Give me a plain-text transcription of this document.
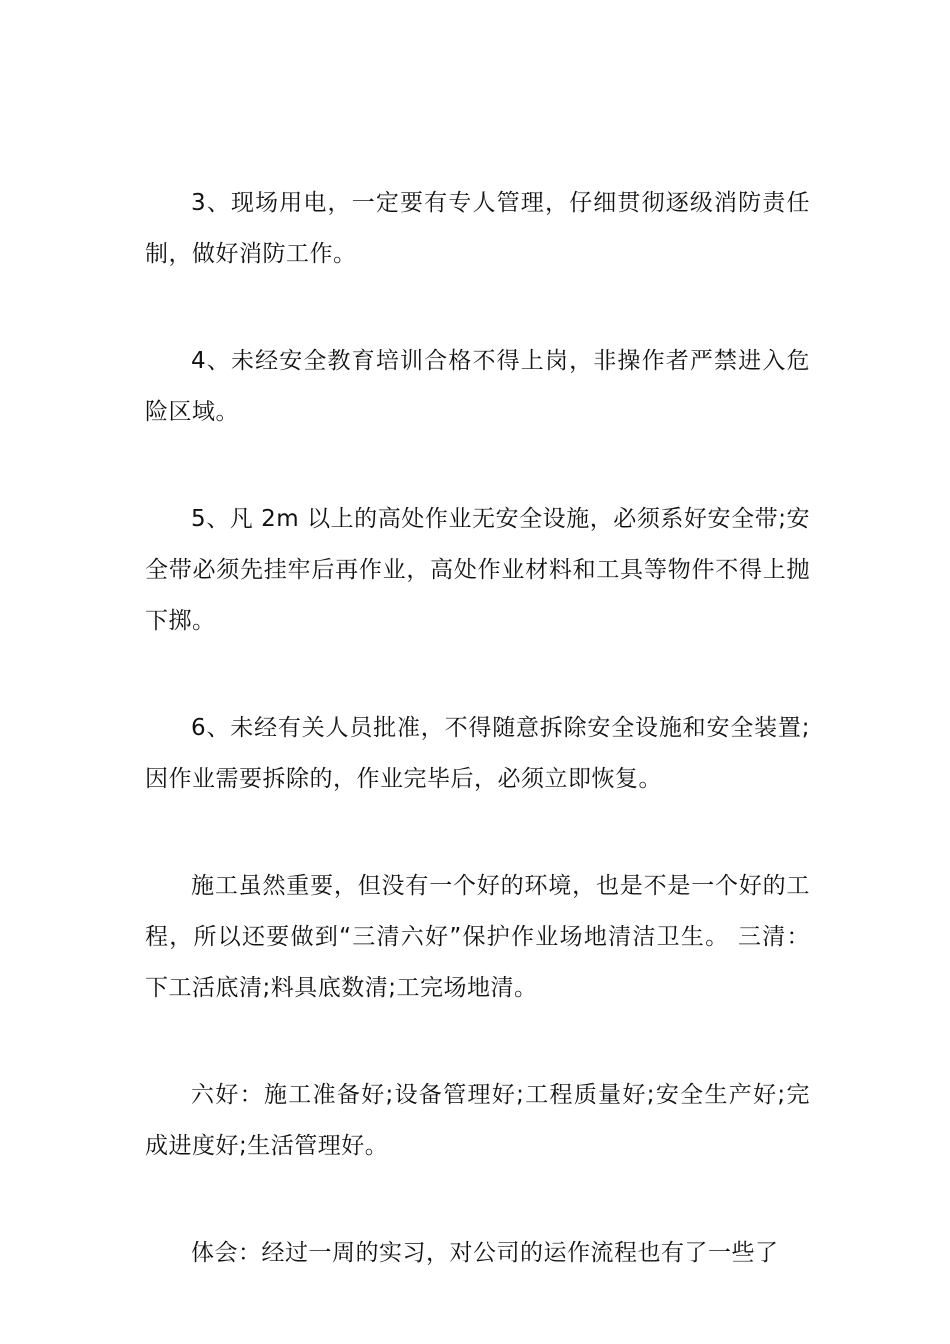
3、现场用电，一定要有专人管理，仔细贯彻逐级消防责任制，做好消防工作。

4、未经安全教育培训合格不得上岗，非操作者严禁进入危险区域。

5、凡 2m 以上的高处作业无安全设施，必须系好安全带;安全带必须先挂牢后再作业，高处作业材料和工具等物件不得上抛下掷。

6、未经有关人员批准，不得随意拆除安全设施和安全装置;因作业需要拆除的，作业完毕后，必须立即恢复。

施工虽然重要，但没有一个好的环境，也是不是一个好的工程，所以还要做到“三清六好”保护作业场地清洁卫生。 三清：下工活底清;料具底数清;工完场地清。

六好：施工准备好;设备管理好;工程质量好;安全生产好;完成进度好;生活管理好。

体会：经过一周的实习，对公司的运作流程也有了一些了
